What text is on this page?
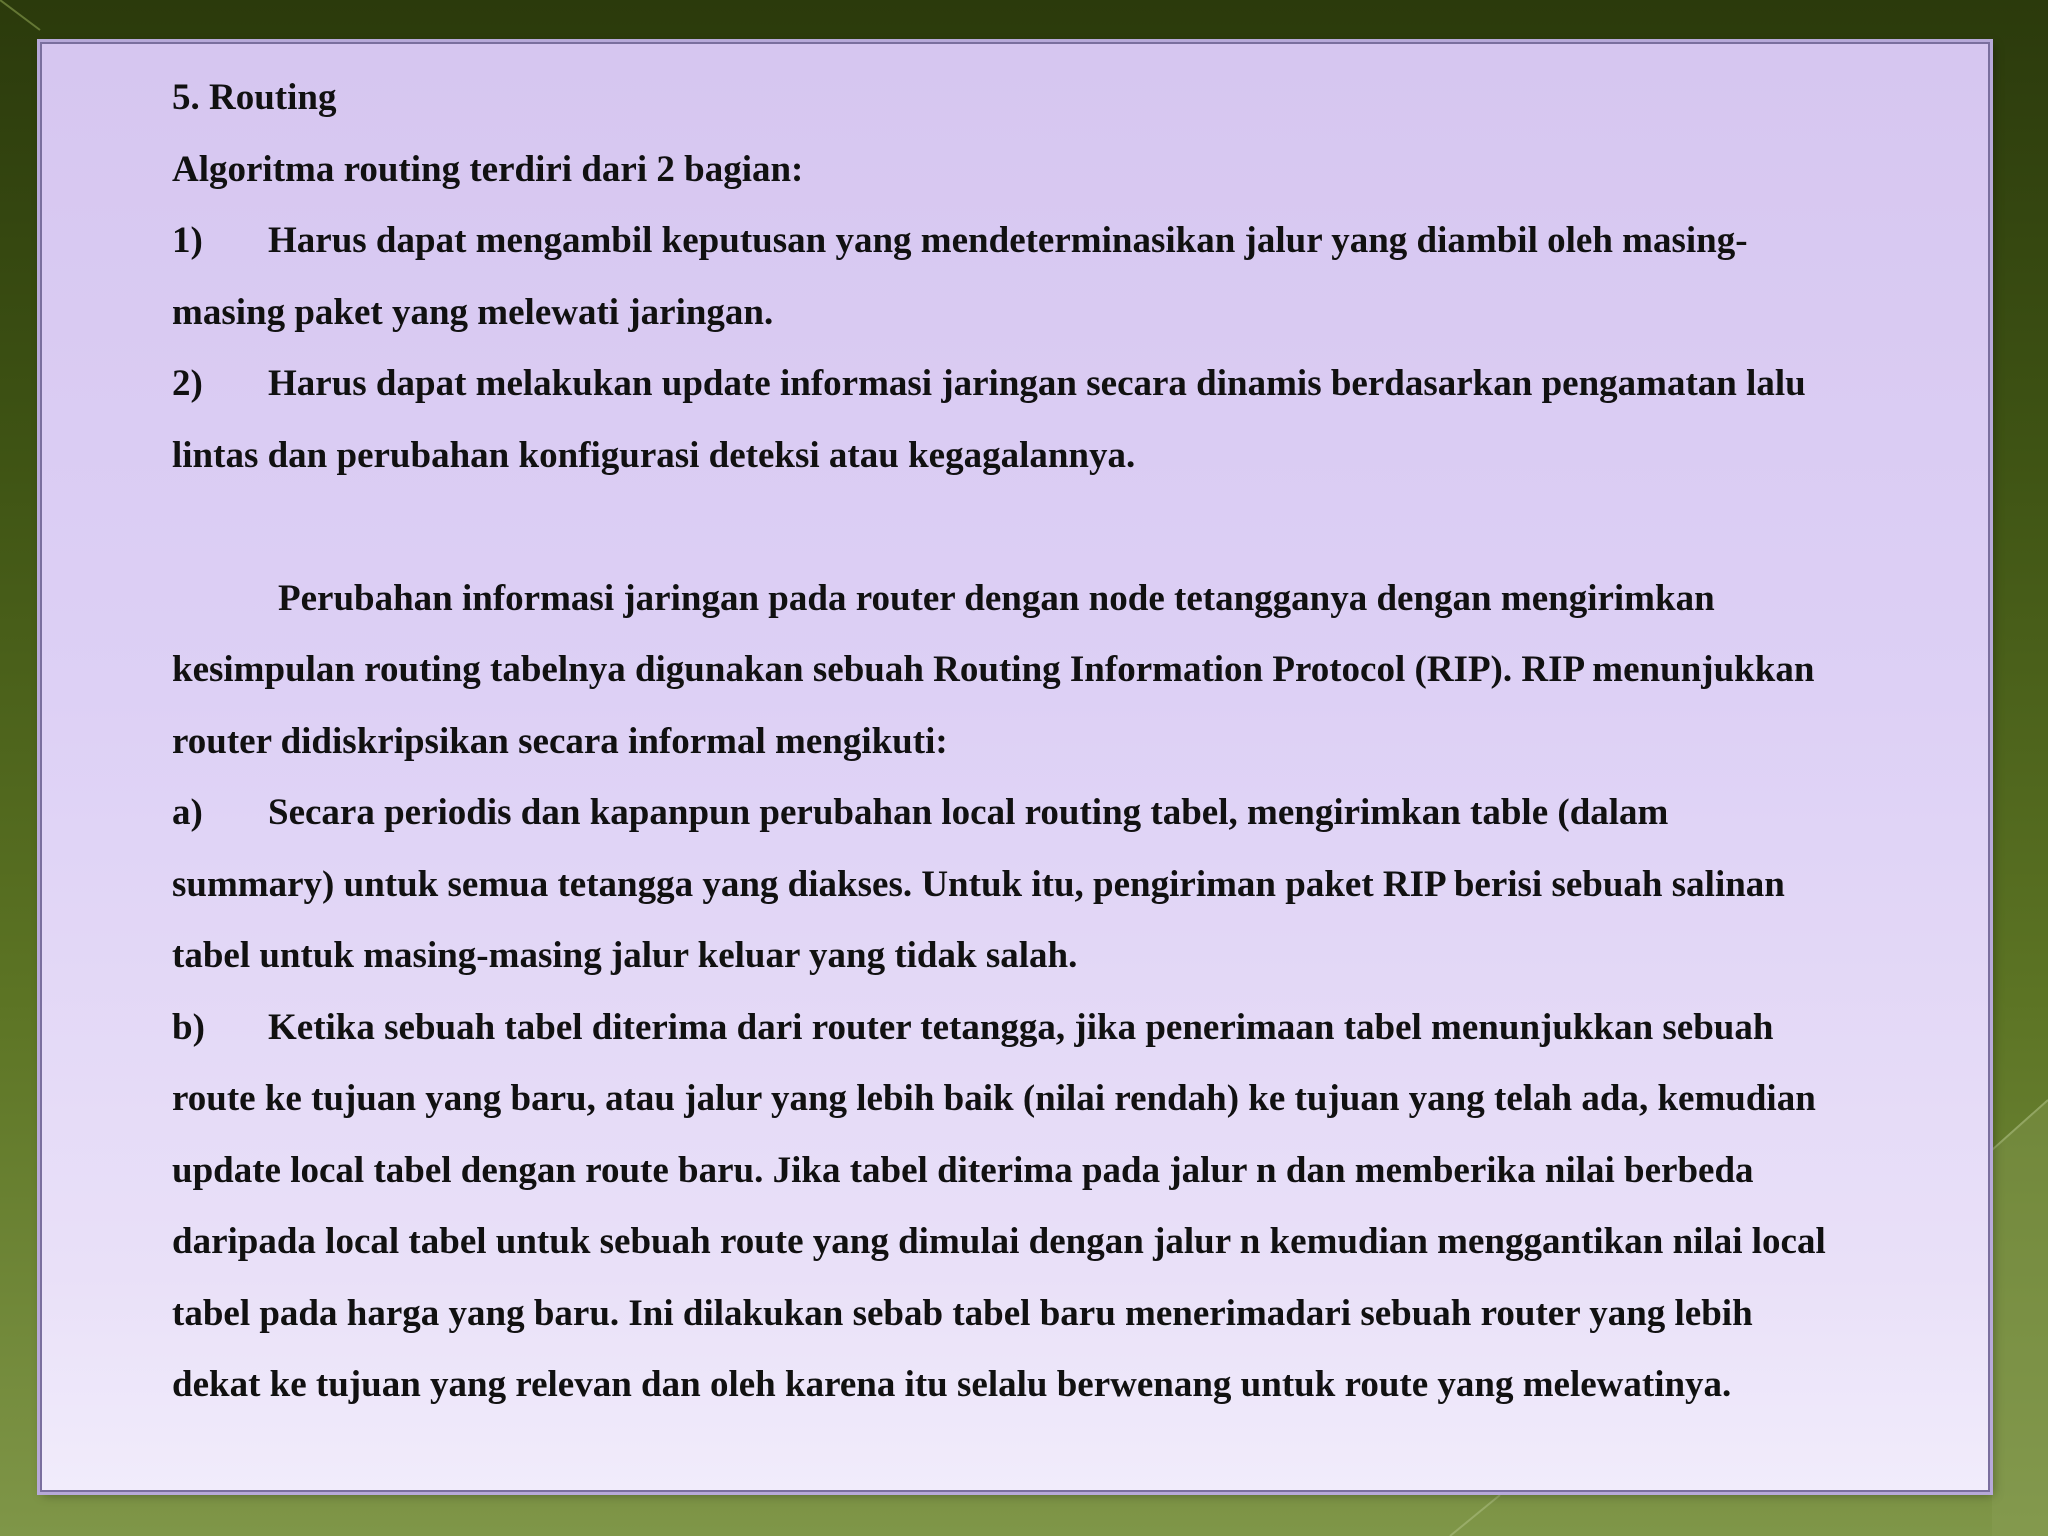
5. Routing
Algoritma routing terdiri dari 2 bagian:
1) Harus dapat mengambil keputusan yang mendeterminasikan jalur yang diambil oleh masing-
masing paket yang melewati jaringan.
2) Harus dapat melakukan update informasi jaringan secara dinamis berdasarkan pengamatan lalu
lintas dan perubahan konfigurasi deteksi atau kegagalannya.
Perubahan informasi jaringan pada router dengan node tetangganya dengan mengirimkan
kesimpulan routing tabelnya digunakan sebuah Routing Information Protocol (RIP). RIP menunjukkan
router didiskripsikan secara informal mengikuti:
a) Secara periodis dan kapanpun perubahan local routing tabel, mengirimkan table (dalam
summary) untuk semua tetangga yang diakses. Untuk itu, pengiriman paket RIP berisi sebuah salinan
tabel untuk masing-masing jalur keluar yang tidak salah.
b) Ketika sebuah tabel diterima dari router tetangga, jika penerimaan tabel menunjukkan sebuah
route ke tujuan yang baru, atau jalur yang lebih baik (nilai rendah) ke tujuan yang telah ada, kemudian
update local tabel dengan route baru. Jika tabel diterima pada jalur n dan memberika nilai berbeda
daripada local tabel untuk sebuah route yang dimulai dengan jalur n kemudian menggantikan nilai local
tabel pada harga yang baru. Ini dilakukan sebab tabel baru menerimadari sebuah router yang lebih
dekat ke tujuan yang relevan dan oleh karena itu selalu berwenang untuk route yang melewatinya.
